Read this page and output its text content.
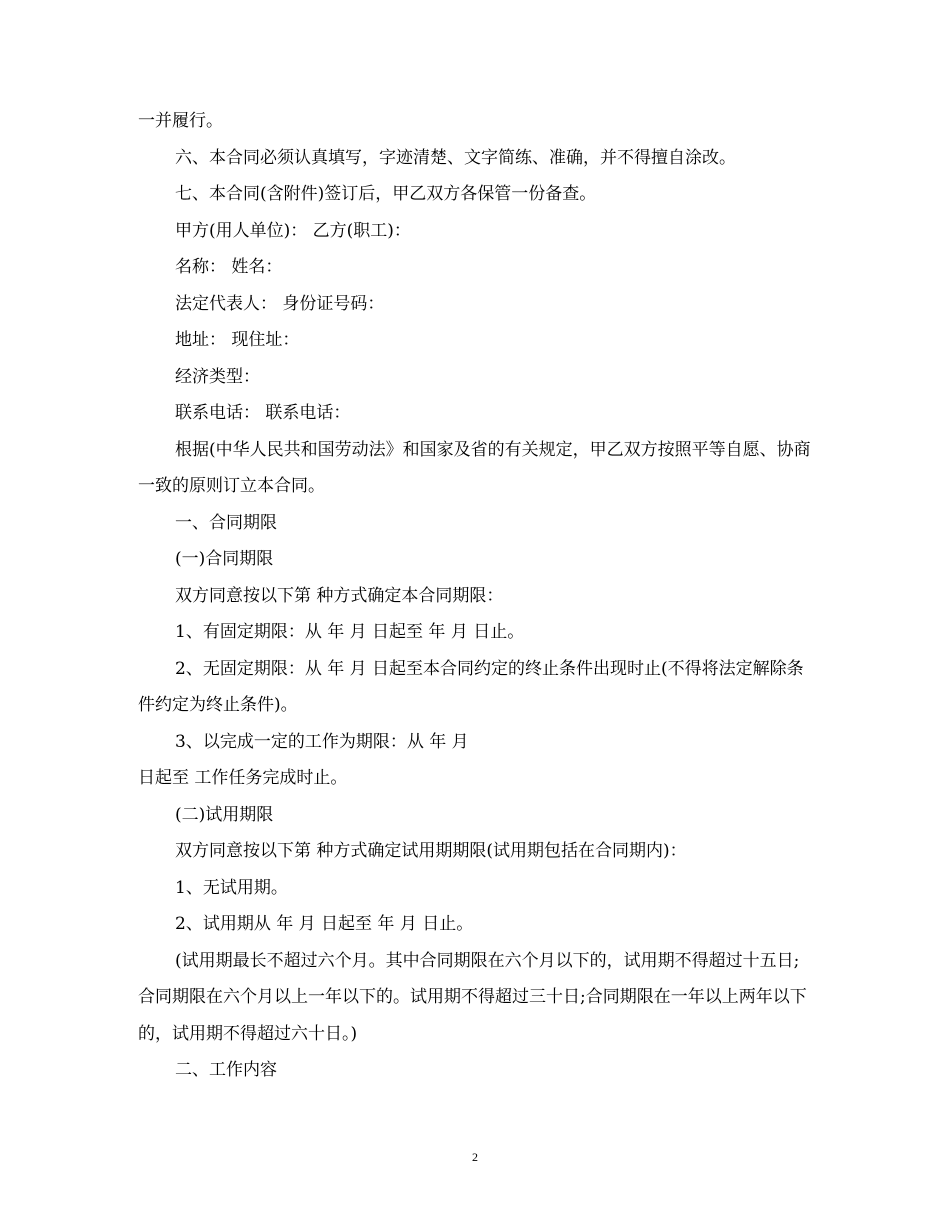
一并履行。
六、本合同必须认真填写，字迹清楚、文字简练、准确，并不得擅自涂改。
七、本合同(含附件)签订后，甲乙双方各保管一份备查。
甲方(用人单位)： 乙方(职工)：
名称： 姓名：
法定代表人： 身份证号码：
地址： 现住址：
经济类型：
联系电话： 联系电话：
根据(中华人民共和国劳动法》和国家及省的有关规定，甲乙双方按照平等自愿、协商一致的原则订立本合同。
一、合同期限
(一)合同期限
双方同意按以下第 种方式确定本合同期限：
1、有固定期限：从 年 月 日起至 年 月 日止。
2、无固定期限：从 年 月 日起至本合同约定的终止条件出现时止(不得将法定解除条件约定为终止条件)。
3、以完成一定的工作为期限：从 年 月
日起至 工作任务完成时止。
(二)试用期限
双方同意按以下第 种方式确定试用期期限(试用期包括在合同期内)：
1、无试用期。
2、试用期从 年 月 日起至 年 月 日止。
(试用期最长不超过六个月。其中合同期限在六个月以下的，试用期不得超过十五日;合同期限在六个月以上一年以下的。试用期不得超过三十日;合同期限在一年以上两年以下的，试用期不得超过六十日。)
二、工作内容
2
